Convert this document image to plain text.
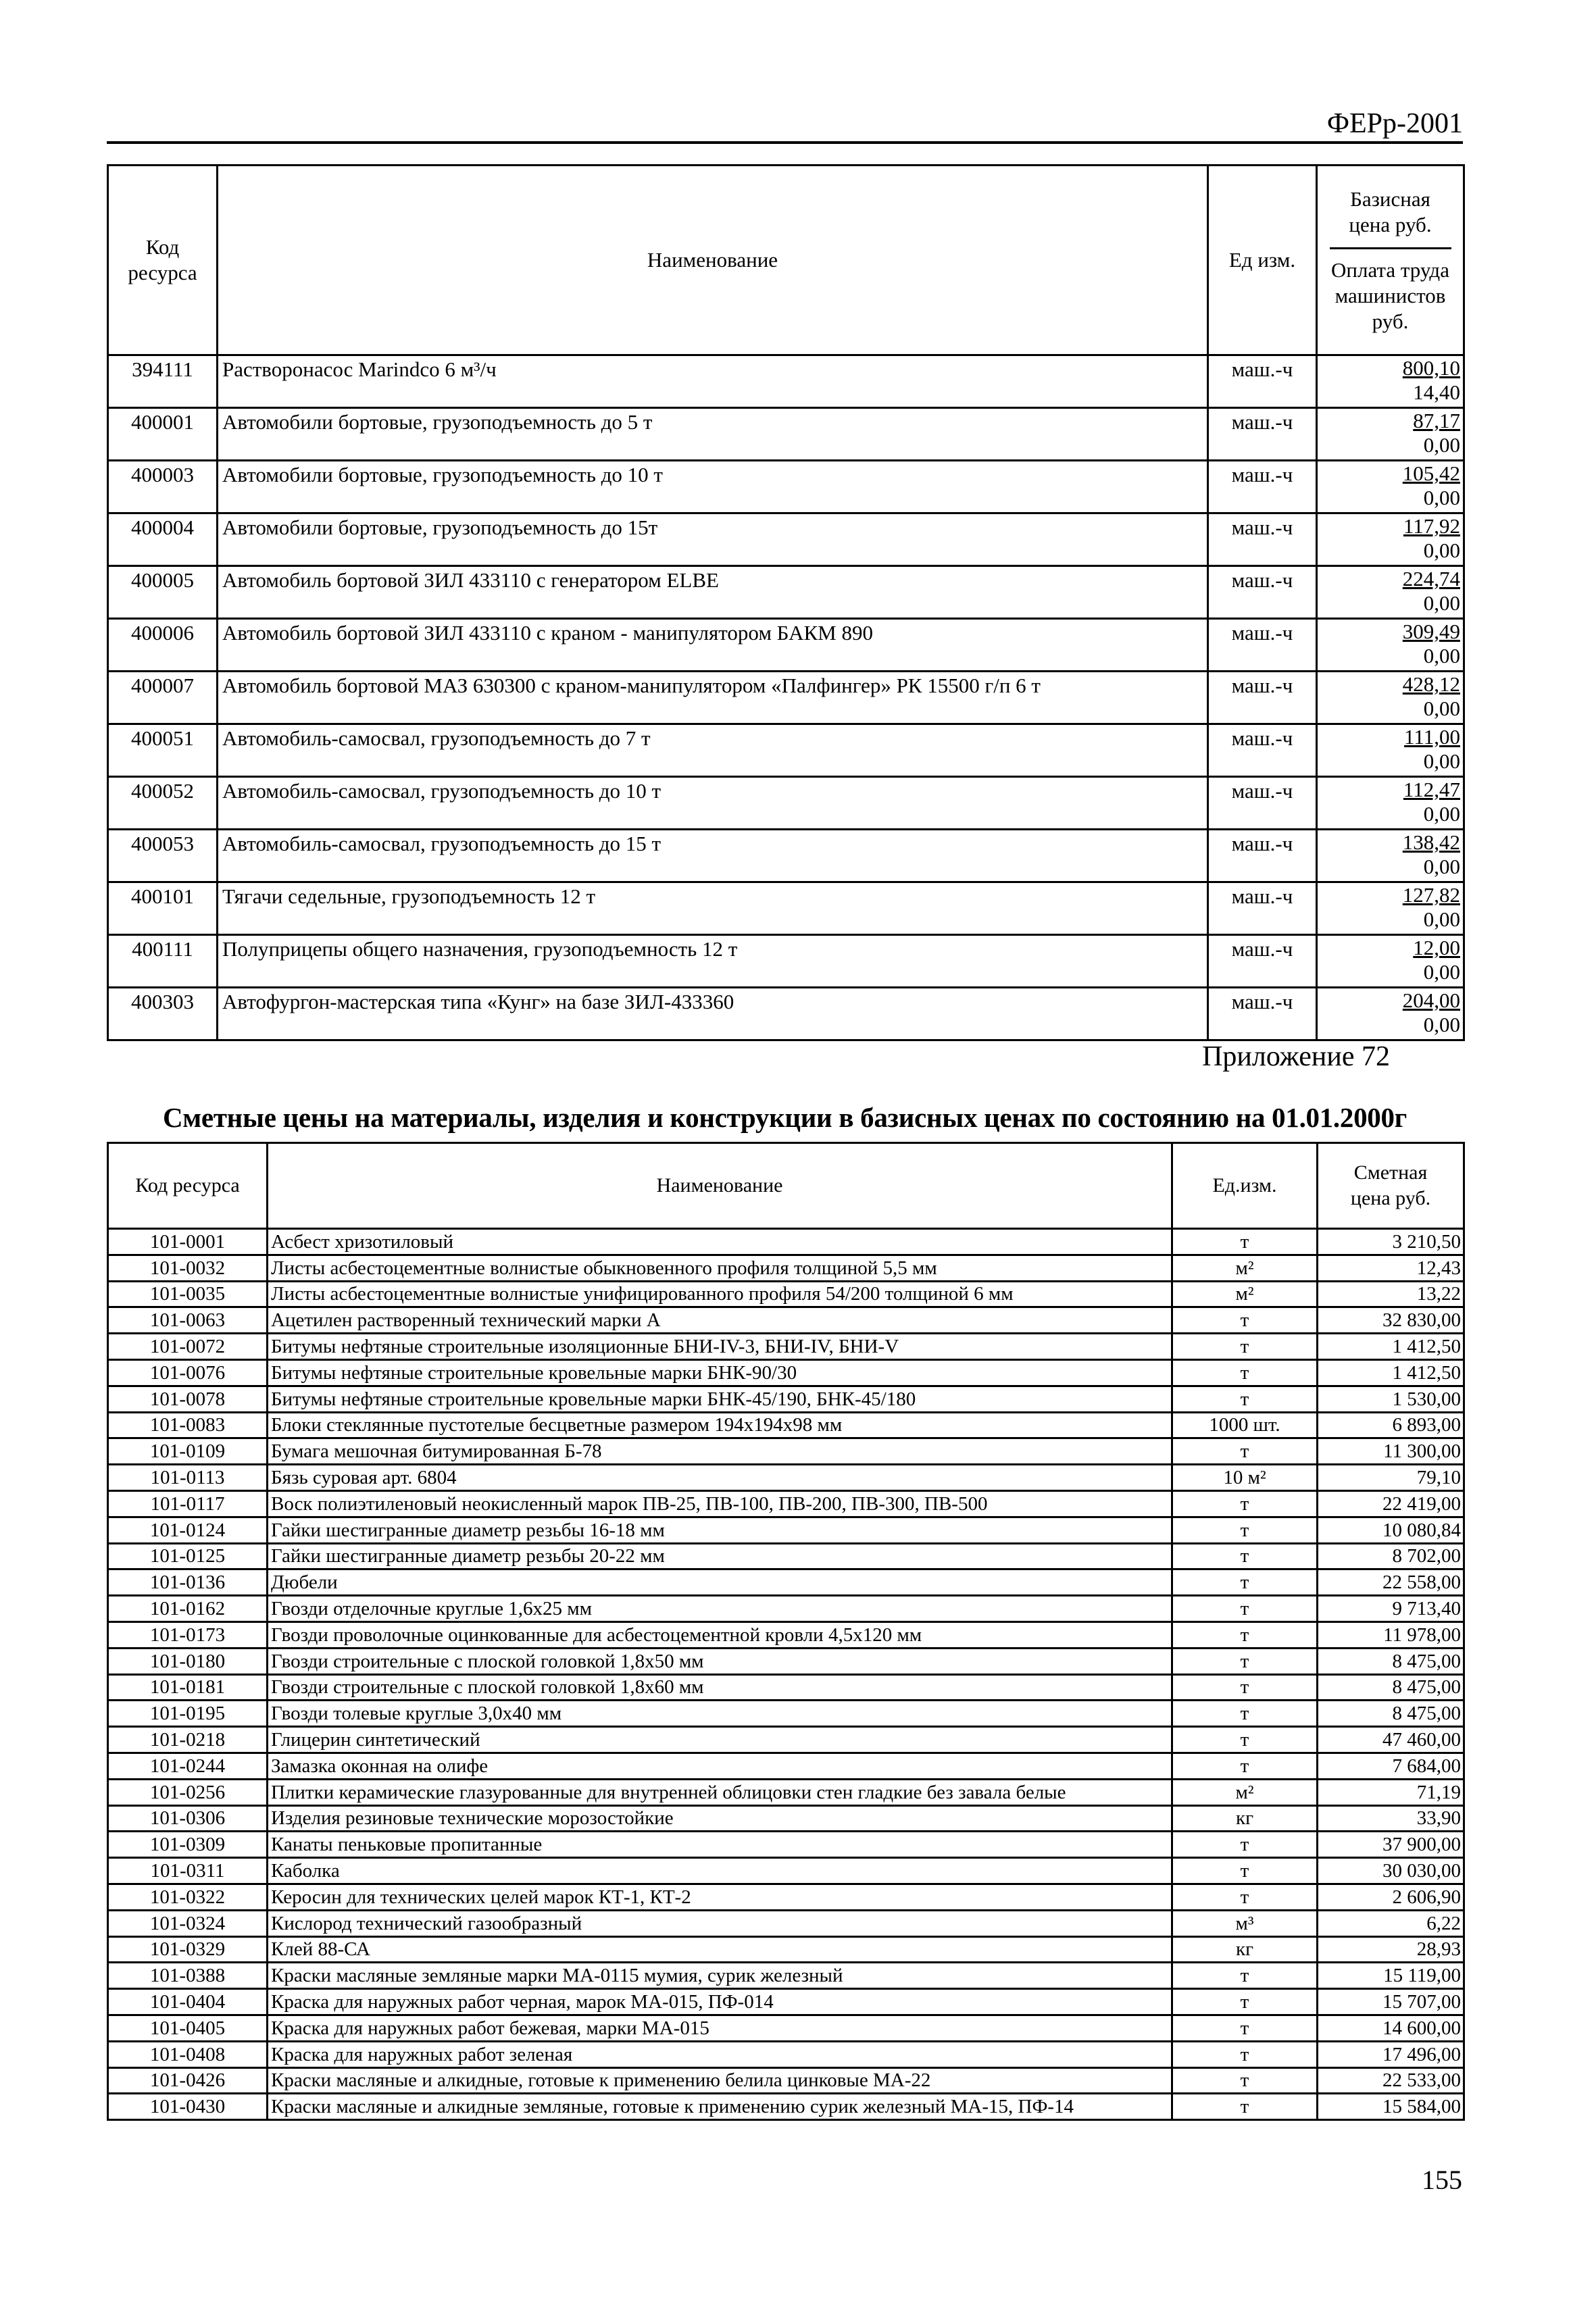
ФЕРр-2001
Код ресурса	Наименование	Ед изм.	Базисная цена руб.
Оплата труда машинистов руб.

394111	Растворонасос Marindco 6 м³/ч	маш.-ч	800,10
14,40

400001	Автомобили бортовые, грузоподъемность до 5 т	маш.-ч	87,17
0,00

400003	Автомобили бортовые, грузоподъемность до 10 т	маш.-ч	105,42
0,00

400004	Автомобили бортовые, грузоподъемность до 15т	маш.-ч	117,92
0,00

400005	Автомобиль бортовой ЗИЛ 433110 с генератором ELBE	маш.-ч	224,74
0,00

400006	Автомобиль бортовой ЗИЛ 433110 с краном - манипулятором БАКМ 890	маш.-ч	309,49
0,00

400007	Автомобиль бортовой МАЗ 630300 с краном-манипулятором «Палфингер» РК 15500 г/п 6 т	маш.-ч	428,12
0,00

400051	Автомобиль-самосвал, грузоподъемность до 7 т	маш.-ч	111,00
0,00

400052	Автомобиль-самосвал, грузоподъемность до 10 т	маш.-ч	112,47
0,00

400053	Автомобиль-самосвал, грузоподъемность до 15 т	маш.-ч	138,42
0,00

400101	Тягачи седельные, грузоподъемность 12 т	маш.-ч	127,82
0,00

400111	Полуприцепы общего назначения, грузоподъемность 12 т	маш.-ч	12,00
0,00

400303	Автофургон-мастерская типа «Кунг» на базе ЗИЛ-433360	маш.-ч	204,00
0,00
Приложение 72
Сметные цены на материалы, изделия и конструкции в базисных ценах по состоянию на 01.01.2000г
Код ресурса	Наименование	Ед.изм.	Сметная цена руб.
101-0001	Асбест хризотиловый	т	3 210,50
101-0032	Листы асбестоцементные волнистые обыкновенного профиля толщиной 5,5 мм	м²	12,43
101-0035	Листы асбестоцементные волнистые унифицированного профиля 54/200 толщиной 6 мм	м²	13,22
101-0063	Ацетилен растворенный технический марки А	т	32 830,00
101-0072	Битумы нефтяные строительные изоляционные БНИ-IV-3, БНИ-IV, БНИ-V	т	1 412,50
101-0076	Битумы нефтяные строительные кровельные марки БНК-90/30	т	1 412,50
101-0078	Битумы нефтяные строительные кровельные марки БНК-45/190, БНК-45/180	т	1 530,00
101-0083	Блоки стеклянные пустотелые бесцветные размером 194х194х98 мм	1000 шт.	6 893,00
101-0109	Бумага мешочная битумированная Б-78	т	11 300,00
101-0113	Бязь суровая арт. 6804	10 м²	79,10
101-0117	Воск полиэтиленовый неокисленный марок ПВ-25, ПВ-100, ПВ-200, ПВ-300, ПВ-500	т	22 419,00
101-0124	Гайки шестигранные диаметр резьбы 16-18 мм	т	10 080,84
101-0125	Гайки шестигранные диаметр резьбы 20-22 мм	т	8 702,00
101-0136	Дюбели	т	22 558,00
101-0162	Гвозди отделочные круглые 1,6х25 мм	т	9 713,40
101-0173	Гвозди проволочные оцинкованные для асбестоцементной кровли 4,5х120 мм	т	11 978,00
101-0180	Гвозди строительные с плоской головкой 1,8х50 мм	т	8 475,00
101-0181	Гвозди строительные с плоской головкой 1,8х60 мм	т	8 475,00
101-0195	Гвозди толевые круглые 3,0х40 мм	т	8 475,00
101-0218	Глицерин синтетический	т	47 460,00
101-0244	Замазка оконная на олифе	т	7 684,00
101-0256	Плитки керамические глазурованные для внутренней облицовки стен гладкие без завала белые	м²	71,19
101-0306	Изделия резиновые технические морозостойкие	кг	33,90
101-0309	Канаты пеньковые пропитанные	т	37 900,00
101-0311	Каболка	т	30 030,00
101-0322	Керосин для технических целей марок КТ-1, КТ-2	т	2 606,90
101-0324	Кислород технический газообразный	м³	6,22
101-0329	Клей 88-СА	кг	28,93
101-0388	Краски масляные земляные марки МА-0115 мумия, сурик железный	т	15 119,00
101-0404	Краска для наружных работ черная, марок МА-015, ПФ-014	т	15 707,00
101-0405	Краска для наружных работ бежевая, марки МА-015	т	14 600,00
101-0408	Краска для наружных работ зеленая	т	17 496,00
101-0426	Краски масляные и алкидные, готовые к применению белила цинковые МА-22	т	22 533,00
101-0430	Краски масляные и алкидные земляные, готовые к применению сурик железный МА-15, ПФ-14	т	15 584,00
155
